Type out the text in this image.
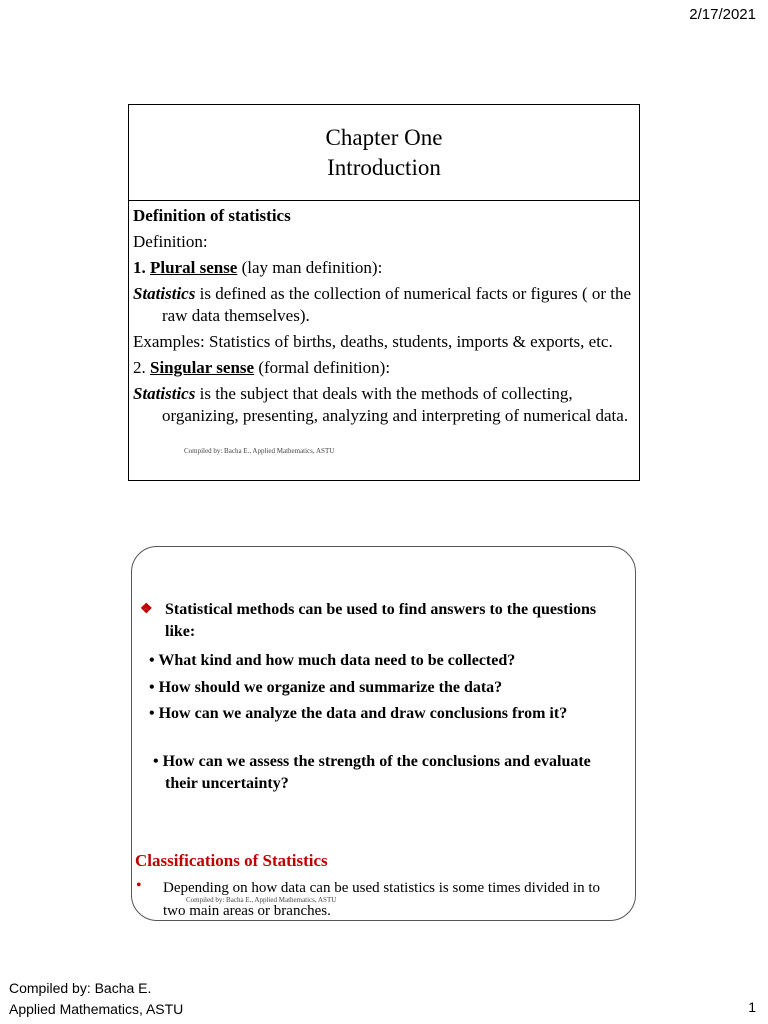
2/17/2021
Chapter One
Introduction
Definition of statistics
Definition:
1. Plural sense (lay man definition):
Statistics is defined as the collection of numerical facts or figures ( or the raw data themselves).
Examples: Statistics of births, deaths, students, imports & exports, etc.
2. Singular sense (formal definition):
Statistics is the subject that deals with the methods of collecting, organizing, presenting, analyzing and interpreting of numerical data.
Compiled by: Bacha E., Applied Mathematics, ASTU
❖ Statistical methods can be used to find answers to the questions like:
• What kind and how much data need to be collected?
• How should we organize and summarize the data?
• How can we analyze the data and draw conclusions from it?
• How can we assess the strength of the conclusions and evaluate their uncertainty?
Classifications of Statistics
• Depending on how data can be used statistics is some times divided in to two main areas or branches.
Compiled by: Bacha E., Applied Mathematics, ASTU
Compiled by: Bacha E.
Applied Mathematics, ASTU	1
